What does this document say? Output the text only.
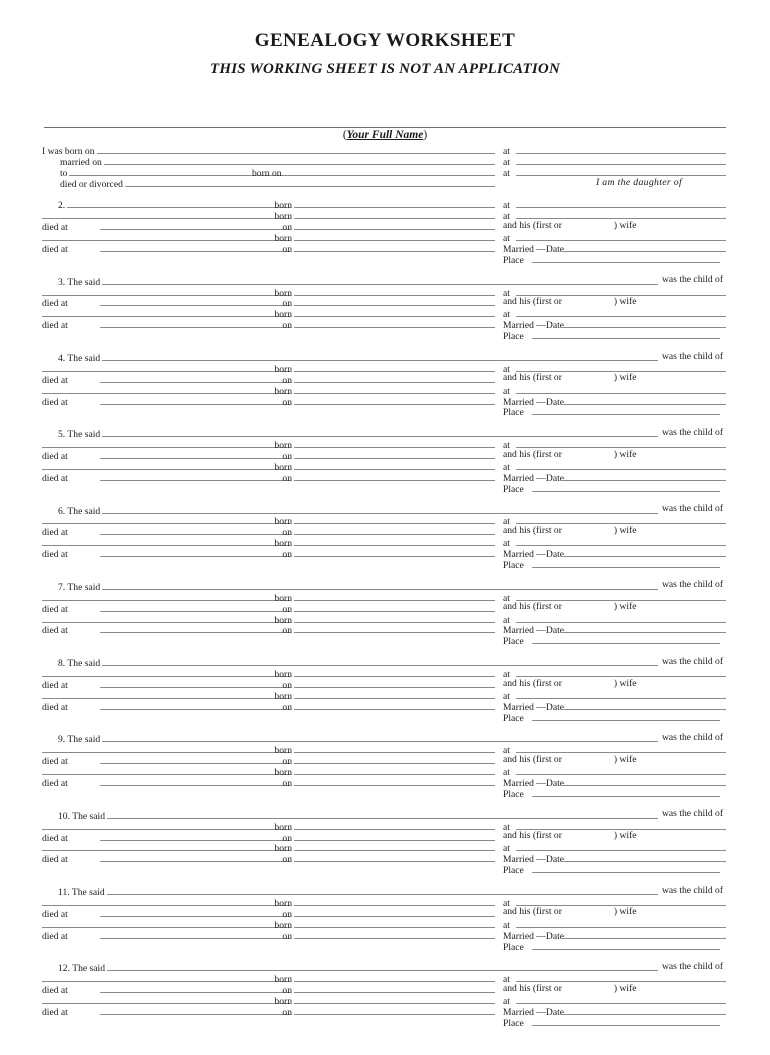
GENEALOGY WORKSHEET
THIS WORKING SHEET IS NOT AN APPLICATION
(Your Full Name)
I was born on	at
married on	at
to	born on	at
died or divorced	I am the daughter of
2.	born	at
born	at
died at	on	and his (first or	) wife
born	at
died at	on	Married —Date
Place
3. The said	was the child of
born	at
died at	on	and his (first or	) wife
born	at
died at	on	Married —Date
Place
4. The said	was the child of
born	at
died at	on	and his (first or	) wife
born	at
died at	on	Married —Date
Place
5. The said	was the child of
born	at
died at	on	and his (first or	) wife
born	at
died at	on	Married —Date
Place
6. The said	was the child of
born	at
died at	on	and his (first or	) wife
born	at
died at	on	Married —Date
Place
7. The said	was the child of
born	at
died at	on	and his (first or	) wife
born	at
died at	on	Married —Date
Place
8. The said	was the child of
born	at
died at	on	and his (first or	) wife
born	at
died at	on	Married —Date
Place
9. The said	was the child of
born	at
died at	on	and his (first or	) wife
born	at
died at	on	Married —Date
Place
10. The said	was the child of
born	at
died at	on	and his (first or	) wife
born	at
died at	on	Married —Date
Place
11. The said	was the child of
born	at
died at	on	and his (first or	) wife
born	at
died at	on	Married —Date
Place
12. The said	was the child of
born	at
died at	on	and his (first or	) wife
born	at
died at	on	Married —Date
Place
